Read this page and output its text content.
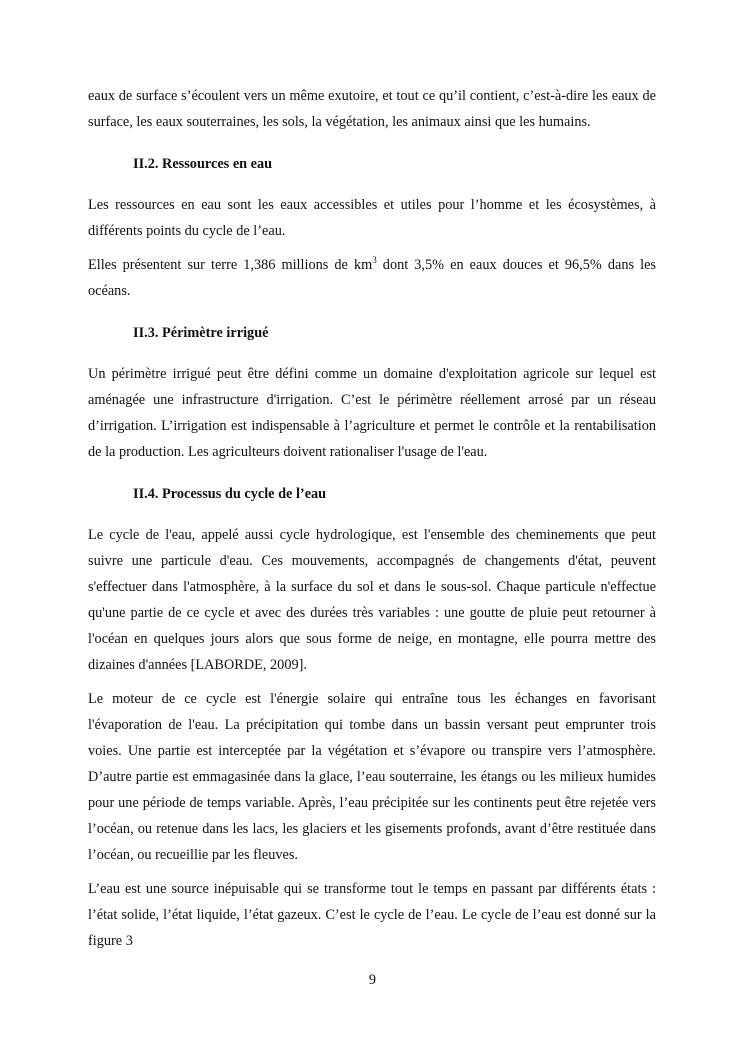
eaux de surface s’écoulent vers un même exutoire, et tout ce qu’il contient, c’est-à-dire les eaux de surface, les eaux souterraines, les sols, la végétation, les animaux ainsi que les humains.

II.2. Ressources en eau

Les ressources en eau sont les eaux accessibles et utiles pour l’homme et les écosystèmes, à différents points du cycle de l’eau.

Elles présentent sur terre 1,386 millions de $km^3$ dont 3,5% en eaux douces et 96,5% dans les océans.

II.3. Périmètre irrigué

Un périmètre irrigué peut être défini comme un domaine d'exploitation agricole sur lequel est aménagée une infrastructure d'irrigation. C’est le périmètre réellement arrosé par un réseau d’irrigation. L’irrigation est indispensable à l’agriculture et permet le contrôle et la rentabilisation de la production. Les agriculteurs doivent rationaliser l'usage de l'eau.

II.4. Processus du cycle de l’eau

Le cycle de l'eau, appelé aussi cycle hydrologique, est l'ensemble des cheminements que peut suivre une particule d'eau. Ces mouvements, accompagnés de changements d'état, peuvent s'effectuer dans l'atmosphère, à la surface du sol et dans le sous-sol. Chaque particule n'effectue qu'une partie de ce cycle et avec des durées très variables : une goutte de pluie peut retourner à l'océan en quelques jours alors que sous forme de neige, en montagne, elle pourra mettre des dizaines d'années [LABORDE, 2009].

Le moteur de ce cycle est l'énergie solaire qui entraîne tous les échanges en favorisant l'évaporation de l'eau. La précipitation qui tombe dans un bassin versant peut emprunter trois voies. Une partie est interceptée par la végétation et s’évapore ou transpire vers l’atmosphère. D’autre partie est emmagasinée dans la glace, l’eau souterraine, les étangs ou les milieux humides pour une période de temps variable. Après, l’eau précipitée sur les continents peut être rejetée vers l’océan, ou retenue dans les lacs, les glaciers et les gisements profonds, avant d’être restituée dans l’océan, ou recueillie par les fleuves.

L’eau est une source inépuisable qui se transforme tout le temps en passant par différents états : l’état solide, l’état liquide, l’état gazeux. C’est le cycle de l’eau. Le cycle de l’eau est donné sur la figure 3

9
